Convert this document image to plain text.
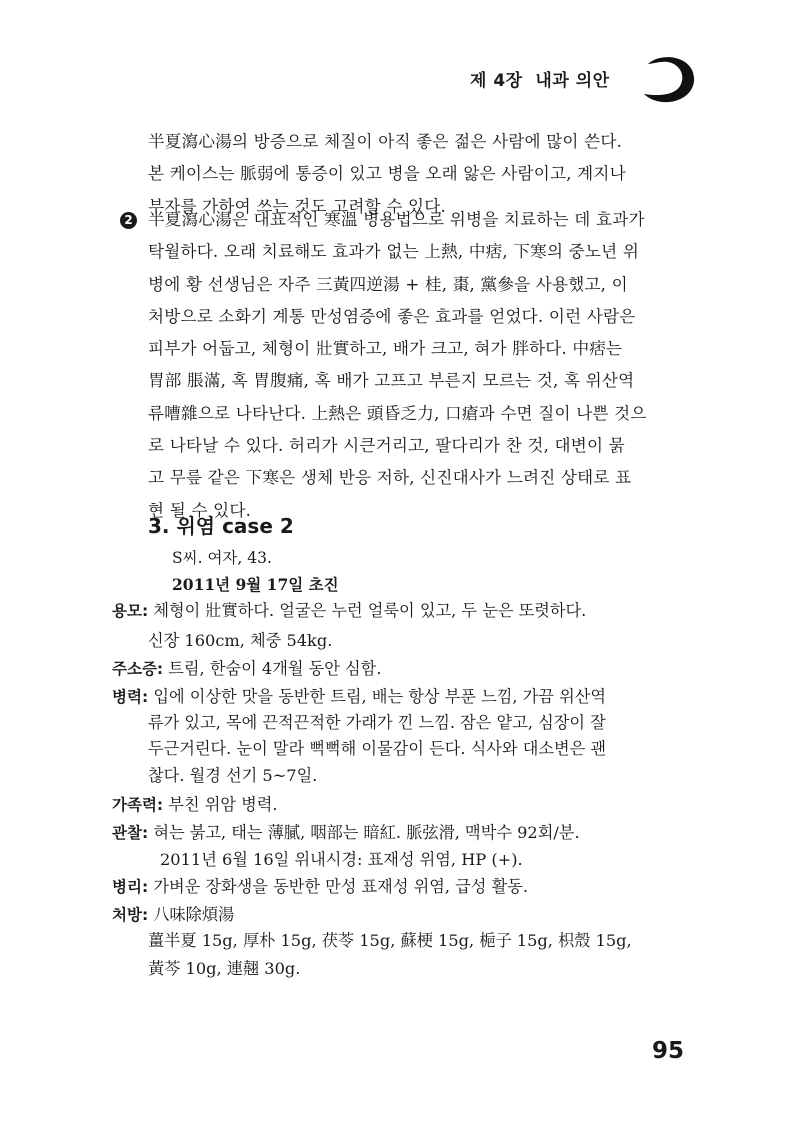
제 4장  내과 의안
半夏瀉心湯의 방증으로 체질이 아직 좋은 젊은 사람에 많이 쓴다.
본 케이스는 脈弱에 통증이 있고 병을 오래 앓은 사람이고, 계지나
부자를 가하여 쓰는 것도 고려할 수 있다.
2 半夏瀉心湯은 대표적인 寒溫 병용법으로 위병을 치료하는 데 효과가
탁월하다. 오래 치료해도 효과가 없는 上熱, 中痞, 下寒의 중노년 위
병에 황 선생님은 자주 三黃四逆湯 + 桂, 棗, 黨參을 사용했고, 이
처방으로 소화기 계통 만성염증에 좋은 효과를 얻었다. 이런 사람은
피부가 어둡고, 체형이 壯實하고, 배가 크고, 혀가 胖하다. 中痞는
胃部 脹滿, 혹 胃腹痛, 혹 배가 고프고 부른지 모르는 것, 혹 위산역
류嘈雜으로 나타난다. 上熱은 頭昏乏力, 口瘡과 수면 질이 나쁜 것으
로 나타날 수 있다. 허리가 시큰거리고, 팔다리가 찬 것, 대변이 묽
고 무릎 같은 下寒은 생체 반응 저하, 신진대사가 느려진 상태로 표
현 될 수 있다.
3. 위염 case 2
S씨. 여자, 43.
2011년 9월 17일 초진
용모: 체형이 壯實하다. 얼굴은 누런 얼룩이 있고, 두 눈은 또렷하다.
신장 160cm, 체중 54kg.
주소증: 트림, 한숨이 4개월 동안 심함.
병력: 입에 이상한 맛을 동반한 트림, 배는 항상 부푼 느낌, 가끔 위산역
류가 있고, 목에 끈적끈적한 가래가 낀 느낌. 잠은 얕고, 심장이 잘
두근거린다. 눈이 말라 뻑뻑해 이물감이 든다. 식사와 대소변은 괜
찮다. 월경 선기 5~7일.
가족력: 부친 위암 병력.
관찰: 혀는 붉고, 태는 薄膩, 咽部는 暗紅. 脈弦滑, 맥박수 92회/분.
2011년 6월 16일 위내시경: 표재성 위염, HP (+).
병리: 가벼운 장화생을 동반한 만성 표재성 위염, 급성 활동.
처방: 八味除煩湯
薑半夏 15g, 厚朴 15g, 茯苓 15g, 蘇梗 15g, 梔子 15g, 枳殼 15g,
黃芩 10g, 連翹 30g.
95
